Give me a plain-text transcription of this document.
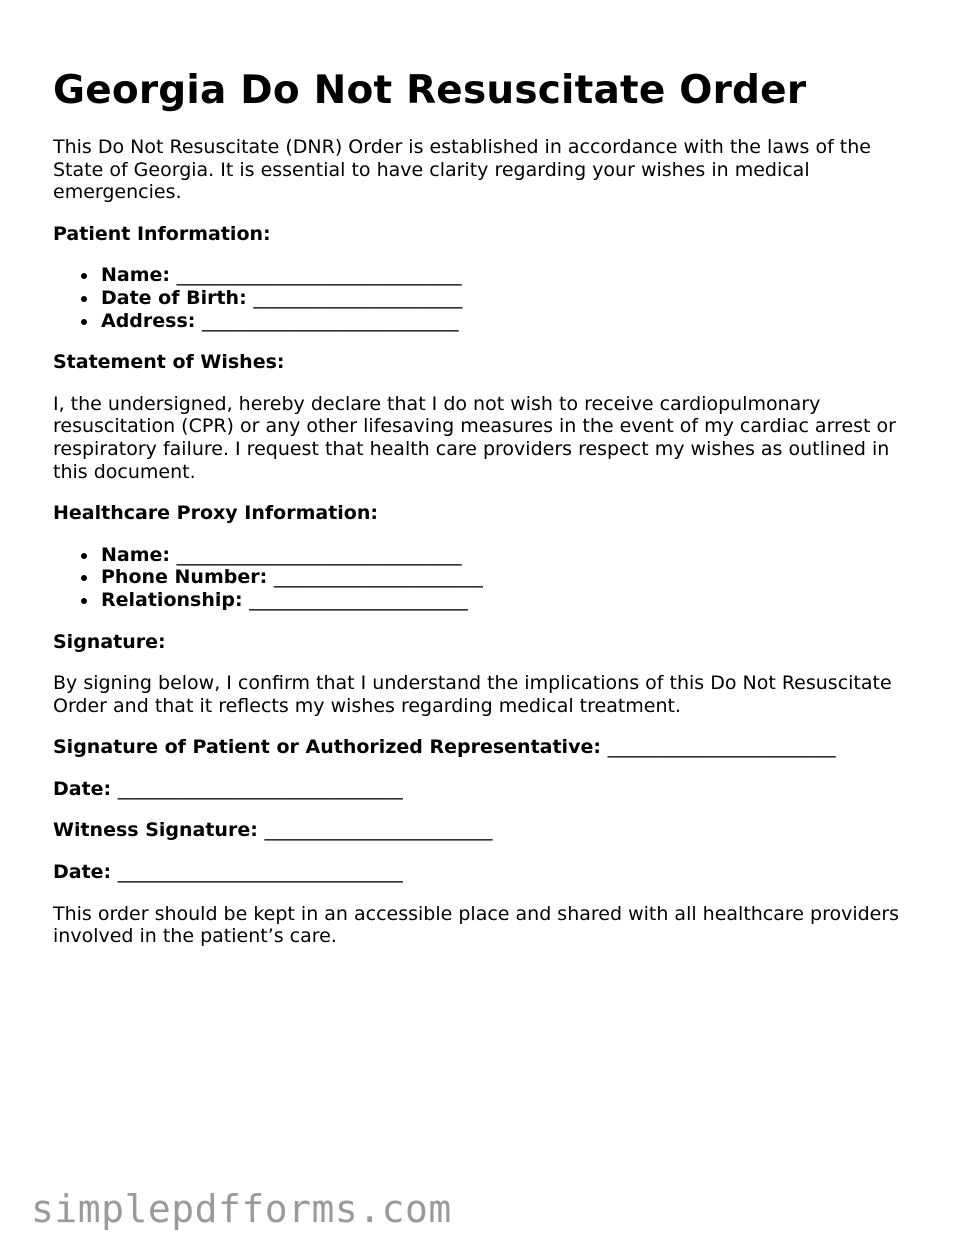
Georgia Do Not Resuscitate Order

This Do Not Resuscitate (DNR) Order is established in accordance with the laws of the State of Georgia. It is essential to have clarity regarding your wishes in medical emergencies.

Patient Information:
Name: ______________________________
Date of Birth: ______________________
Address: ___________________________
Statement of Wishes:

I, the undersigned, hereby declare that I do not wish to receive cardiopulmonary resuscitation (CPR) or any other lifesaving measures in the event of my cardiac arrest or respiratory failure. I request that health care providers respect my wishes as outlined in this document.

Healthcare Proxy Information:
Name: ______________________________
Phone Number: ______________________
Relationship: _______________________
Signature:

By signing below, I confirm that I understand the implications of this Do Not Resuscitate Order and that it reflects my wishes regarding medical treatment.

Signature of Patient or Authorized Representative: ________________________
Date: ______________________________
Witness Signature: ________________________
Date: ______________________________

This order should be kept in an accessible place and shared with all healthcare providers involved in the patient’s care.

simplepdfforms.com
